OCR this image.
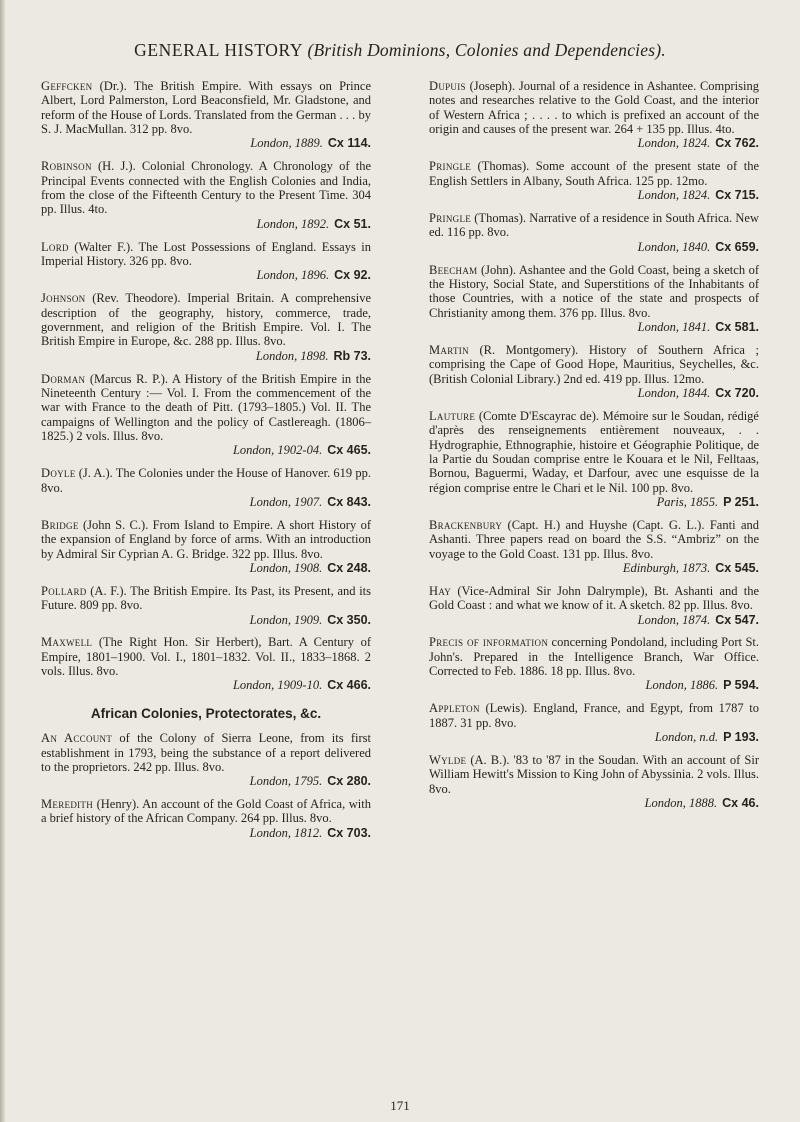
GENERAL HISTORY (British Dominions, Colonies and Dependencies).
Geffcken (Dr.). The British Empire. With essays on Prince Albert, Lord Palmerston, Lord Beaconsfield, Mr. Gladstone, and reform of the House of Lords. Translated from the German . . . by S. J. MacMullan. 312 pp. 8vo.
London, 1889. Cx 114.
Robinson (H. J.). Colonial Chronology. A Chronology of the Principal Events connected with the English Colonies and India, from the close of the Fifteenth Century to the Present Time. 304 pp. Illus. 4to.
London, 1892. Cx 51.
Lord (Walter F.). The Lost Possessions of England. Essays in Imperial History. 326 pp. 8vo.
London, 1896. Cx 92.
Johnson (Rev. Theodore). Imperial Britain. A comprehensive description of the geography, history, commerce, trade, government, and religion of the British Empire. Vol. I. The British Empire in Europe, &c. 288 pp. Illus. 8vo.
London, 1898. Rb 73.
Dorman (Marcus R. P.). A History of the British Empire in the Nineteenth Century :— Vol. I. From the commencement of the war with France to the death of Pitt. (1793–1805.) Vol. II. The campaigns of Wellington and the policy of Castlereagh. (1806–1825.) 2 vols. Illus. 8vo.
London, 1902-04. Cx 465.
Doyle (J. A.). The Colonies under the House of Hanover. 619 pp. 8vo.
London, 1907. Cx 843.
Bridge (John S. C.). From Island to Empire. A short History of the expansion of England by force of arms. With an introduction by Admiral Sir Cyprian A. G. Bridge. 322 pp. Illus. 8vo.
London, 1908. Cx 248.
Pollard (A. F.). The British Empire. Its Past, its Present, and its Future. 809 pp. 8vo.
London, 1909. Cx 350.
Maxwell (The Right Hon. Sir Herbert), Bart. A Century of Empire, 1801–1900. Vol. I., 1801–1832. Vol. II., 1833–1868. 2 vols. Illus. 8vo.
London, 1909-10. Cx 466.
African Colonies, Protectorates, &c.
An Account of the Colony of Sierra Leone, from its first establishment in 1793, being the substance of a report delivered to the proprietors. 242 pp. Illus. 8vo.
London, 1795. Cx 280.
Meredith (Henry). An account of the Gold Coast of Africa, with a brief history of the African Company. 264 pp. Illus. 8vo.
London, 1812. Cx 703.
Dupuis (Joseph). Journal of a residence in Ashantee. Comprising notes and researches relative to the Gold Coast, and the interior of Western Africa ; . . . . to which is prefixed an account of the origin and causes of the present war. 264 + 135 pp. Illus. 4to.
London, 1824. Cx 762.
Pringle (Thomas). Some account of the present state of the English Settlers in Albany, South Africa. 125 pp. 12mo.
London, 1824. Cx 715.
Pringle (Thomas). Narrative of a residence in South Africa. New ed. 116 pp. 8vo.
London, 1840. Cx 659.
Beecham (John). Ashantee and the Gold Coast, being a sketch of the History, Social State, and Superstitions of the Inhabitants of those Countries, with a notice of the state and prospects of Christianity among them. 376 pp. Illus. 8vo.
London, 1841. Cx 581.
Martin (R. Montgomery). History of Southern Africa ; comprising the Cape of Good Hope, Mauritius, Seychelles, &c. (British Colonial Library.) 2nd ed. 419 pp. Illus. 12mo.
London, 1844. Cx 720.
Lauture (Comte D'Escayrac de). Mémoire sur le Soudan, rédigé d'après des renseignements entièrement nouveaux, . . Hydrographie, Ethnographie, histoire et Géographie Politique, de la Partie du Soudan comprise entre le Kouara et le Nil, Felltaas, Bornou, Baguermi, Waday, et Darfour, avec une esquisse de la région comprise entre le Chari et le Nil. 100 pp. 8vo.
Paris, 1855. P 251.
Brackenbury (Capt. H.) and Huyshe (Capt. G. L.). Fanti and Ashanti. Three papers read on board the S.S. “Ambriz” on the voyage to the Gold Coast. 131 pp. Illus. 8vo.
Edinburgh, 1873. Cx 545.
Hay (Vice-Admiral Sir John Dalrymple), Bt. Ashanti and the Gold Coast : and what we know of it. A sketch. 82 pp. Illus. 8vo.
London, 1874. Cx 547.
Precis of information concerning Pondoland, including Port St. John's. Prepared in the Intelligence Branch, War Office. Corrected to Feb. 1886. 18 pp. Illus. 8vo.
London, 1886. P 594.
Appleton (Lewis). England, France, and Egypt, from 1787 to 1887. 31 pp. 8vo.
London, n.d. P 193.
Wylde (A. B.). '83 to '87 in the Soudan. With an account of Sir William Hewitt's Mission to King John of Abyssinia. 2 vols. Illus. 8vo.
London, 1888. Cx 46.
171
